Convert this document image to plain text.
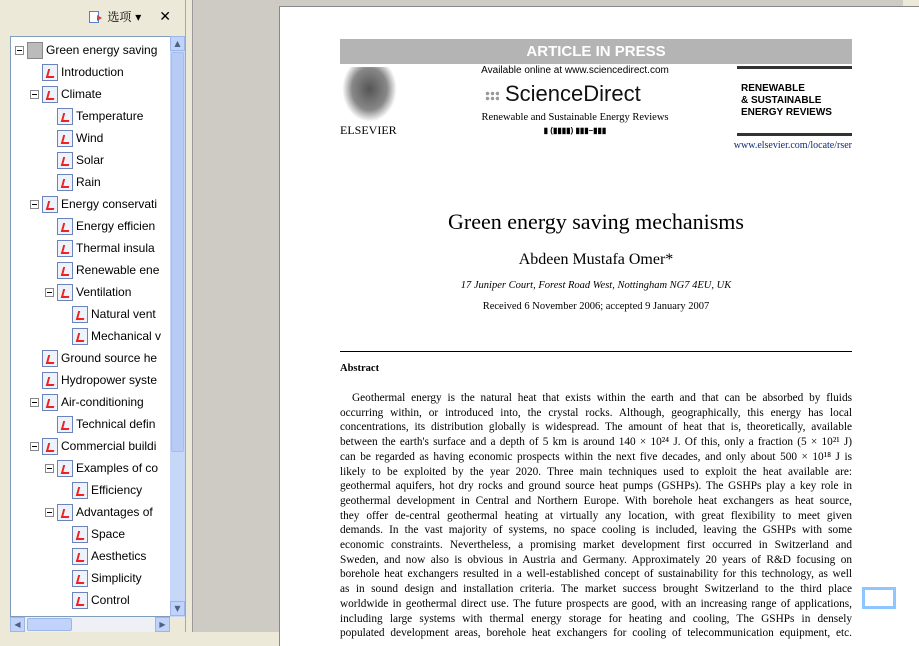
选项 ▾ ✕
Green energy saving
Introduction
Climate
Temperature
Wind
Solar
Rain
Energy conservati
Energy efficien
Thermal insula
Renewable ene
Ventilation
Natural vent
Mechanical v
Ground source he
Hydropower syste
Air-conditioning
Technical defin
Commercial buildi
Examples of co
Efficiency
Advantages of
Space
Aesthetics
Simplicity
Control
▲
▼
◀	▶
ARTICLE IN PRESS
ELSEVIER
Available online at www.sciencedirect.com
ScienceDirect
Renewable and Sustainable Energy Reviews
▮ (▮▮▮▮) ▮▮▮–▮▮▮
RENEWABLE
& SUSTAINABLE
ENERGY REVIEWS
www.elsevier.com/locate/rser
Green energy saving mechanisms
Abdeen Mustafa Omer*
17 Juniper Court, Forest Road West, Nottingham NG7 4EU, UK
Received 6 November 2006; accepted 9 January 2007
Abstract
Geothermal energy is the natural heat that exists within the earth and that can be absorbed by fluids
occurring within, or introduced into, the crystal rocks. Although, geographically, this energy has local
concentrations, its distribution globally is widespread. The amount of heat that is, theoretically, available
between the earth's surface and a depth of 5 km is around 140 × 10²⁴ J. Of this, only a fraction (5 × 10²¹ J)
can be regarded as having economic prospects within the next five decades, and only about 500 × 10¹⁸ J is
likely to be exploited by the year 2020. Three main techniques used to exploit the heat available are:
geothermal aquifers, hot dry rocks and ground source heat pumps (GSHPs). The GSHPs play a key role in
geothermal development in Central and Northern Europe. With borehole heat exchangers as heat source,
they offer de-central geothermal heating at virtually any location, with great flexibility to meet given
demands. In the vast majority of systems, no space cooling is included, leaving the GSHPs with some
economic constraints. Nevertheless, a promising market development first occurred in Switzerland and
Sweden, and now also is obvious in Austria and Germany. Approximately 20 years of R&D focusing on
borehole heat exchangers resulted in a well-established concept of sustainability for this technology, as well
as in sound design and installation criteria. The market success brought Switzerland to the third place
worldwide in geothermal direct use. The future prospects are good, with an increasing range of applications,
including large systems with thermal energy storage for heating and cooling, The GSHPs in densely
populated development areas, borehole heat exchangers for cooling of telecommunication equipment, etc.
